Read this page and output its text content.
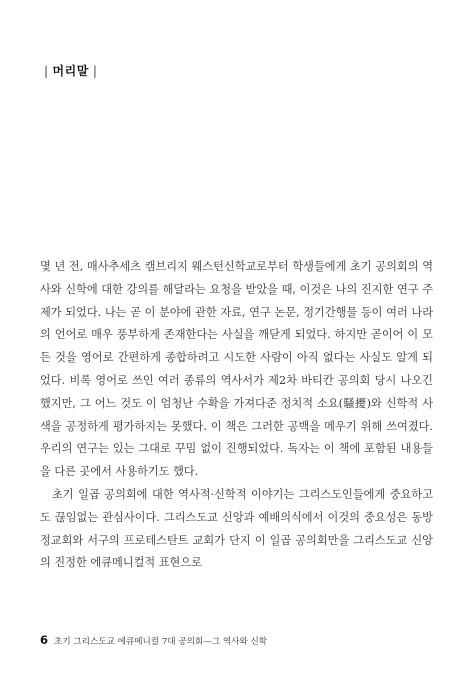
| 머리말 |

몇 년 전, 매사추세츠 캠브리지 웨스턴신학교로부터 학생들에게 초기 공의회의 역사와 신학에 대한 강의를 해달라는 요청을 받았을 때, 이것은 나의 진지한 연구 주제가 되었다. 나는 곧 이 분야에 관한 자료, 연구 논문, 정기간행물 등이 여러 나라의 언어로 매우 풍부하게 존재한다는 사실을 깨닫게 되었다. 하지만 곧이어 이 모든 것을 영어로 간편하게 종합하려고 시도한 사람이 아직 없다는 사실도 알게 되었다. 비록 영어로 쓰인 여러 종류의 역사서가 제2차 바티칸 공의회 당시 나오긴 했지만, 그 어느 것도 이 엄청난 수확을 가져다준 정치적 소요(騷擾)와 신학적 사색을 공정하게 평가하지는 못했다. 이 책은 그러한 공백을 메우기 위해 쓰여졌다. 우리의 연구는 있는 그대로 꾸밈 없이 진행되었다. 독자는 이 책에 포함된 내용들을 다른 곳에서 사용하기도 했다.

초기 일곱 공의회에 대한 역사적·신학적 이야기는 그리스도인들에게 중요하고도 끊임없는 관심사이다. 그리스도교 신앙과 예배의식에서 이것의 중요성은 동방정교회와 서구의 프로테스탄트 교회가 단지 이 일곱 공의회만을 그리스도교 신앙의 진정한 에큐메니컬적 표현으로

6 초기 그리스도교 에큐메니컬 7대 공의회—그 역사와 신학
